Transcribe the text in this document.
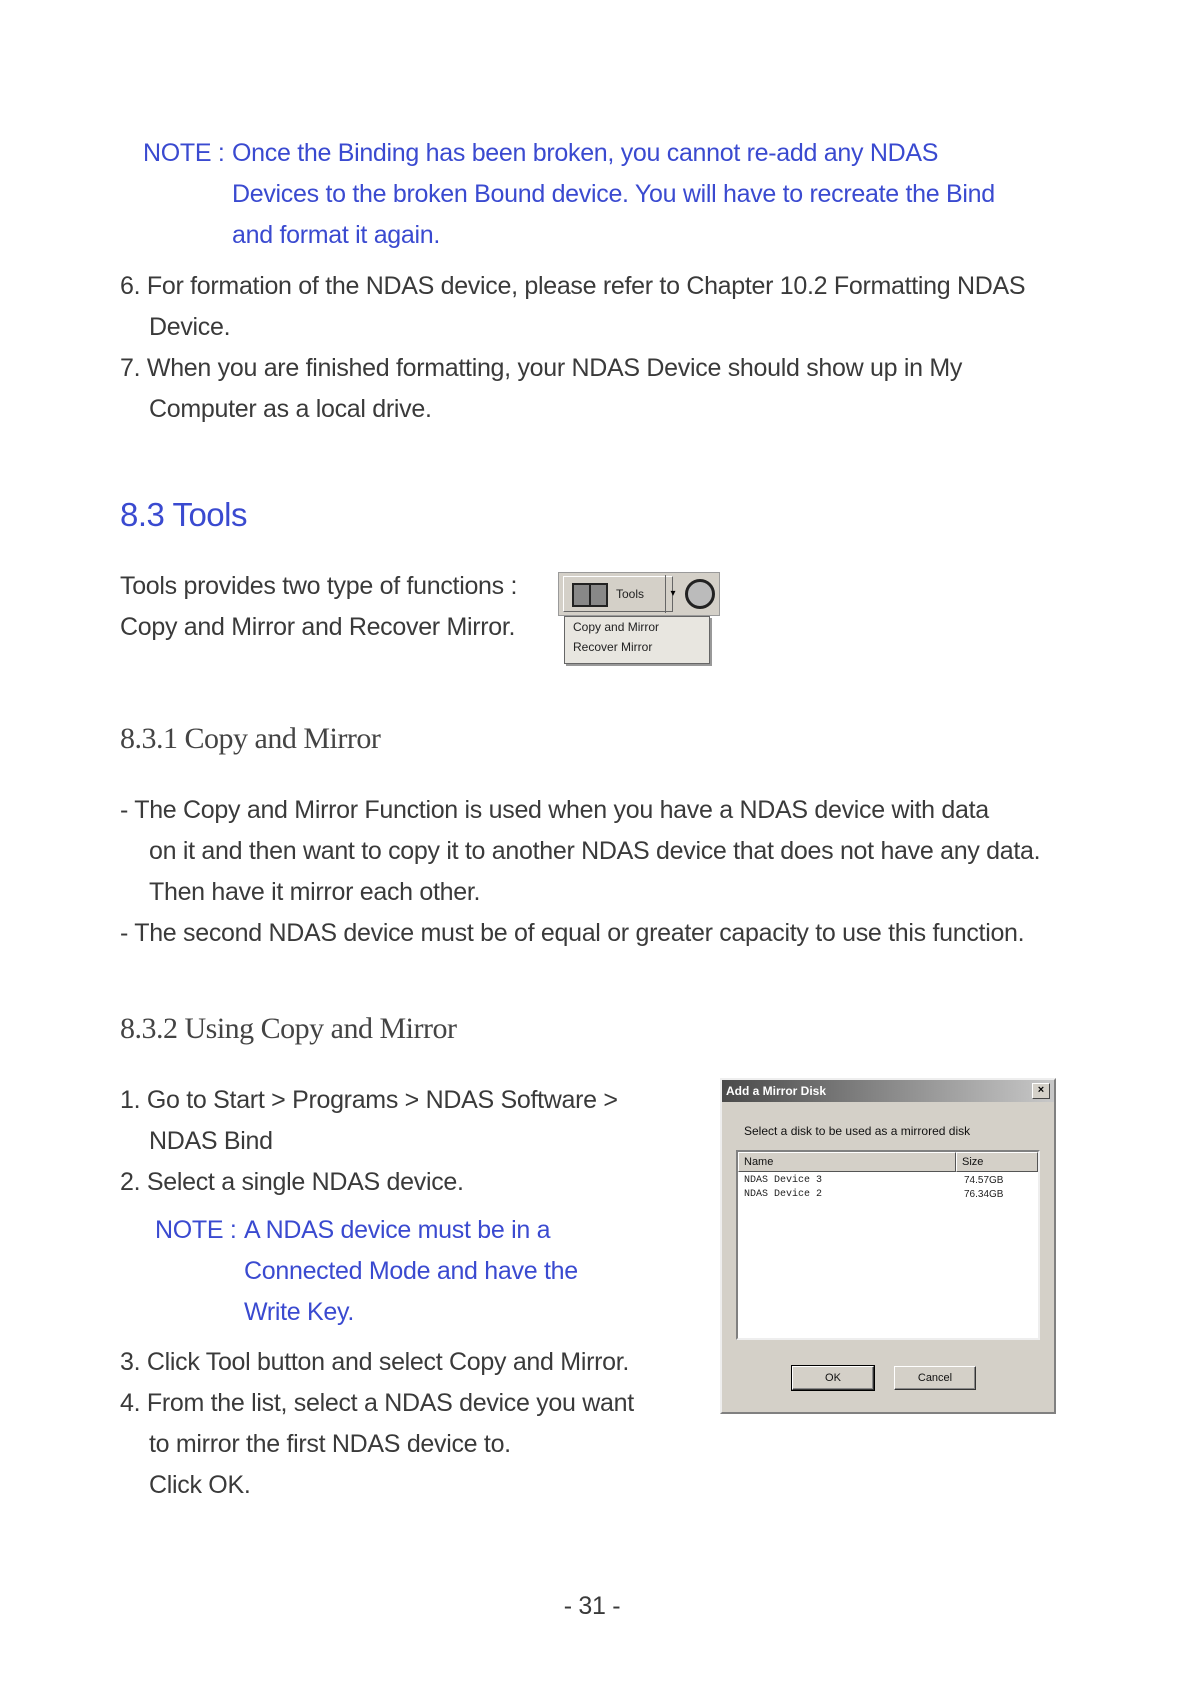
NOTE : Once the Binding has been broken, you cannot re-add any NDAS
Devices to the broken Bound device. You will have to recreate the Bind
and format it again.
6. For formation of the NDAS device, please refer to Chapter 10.2 Formatting NDAS
Device.
7. When you are finished formatting, your NDAS Device should show up in My
Computer as a local drive.
8.3 Tools
Tools provides two type of functions :
Copy and Mirror and Recover Mirror.
Tools	▾
Copy and Mirror
Recover Mirror
8.3.1 Copy and Mirror
- The Copy and Mirror Function is used when you have a NDAS device with data
on it and then want to copy it to another NDAS device that does not have any data.
Then have it mirror each other.
- The second NDAS device must be of equal or greater capacity to use this function.
8.3.2 Using Copy and Mirror
1. Go to Start > Programs > NDAS Software >
NDAS Bind
2. Select a single NDAS device.
NOTE : A NDAS device must be in a
Connected Mode and have the
Write Key.
3. Click Tool button and select Copy and Mirror.
4. From the list, select a NDAS device you want
to mirror the first NDAS device to.
Click OK.
Add a Mirror Disk	×
Select a disk to be used as a mirrored disk
Name	Size
NDAS Device 3	74.57GB
NDAS Device 2	76.34GB
OK	Cancel
- 31 -
